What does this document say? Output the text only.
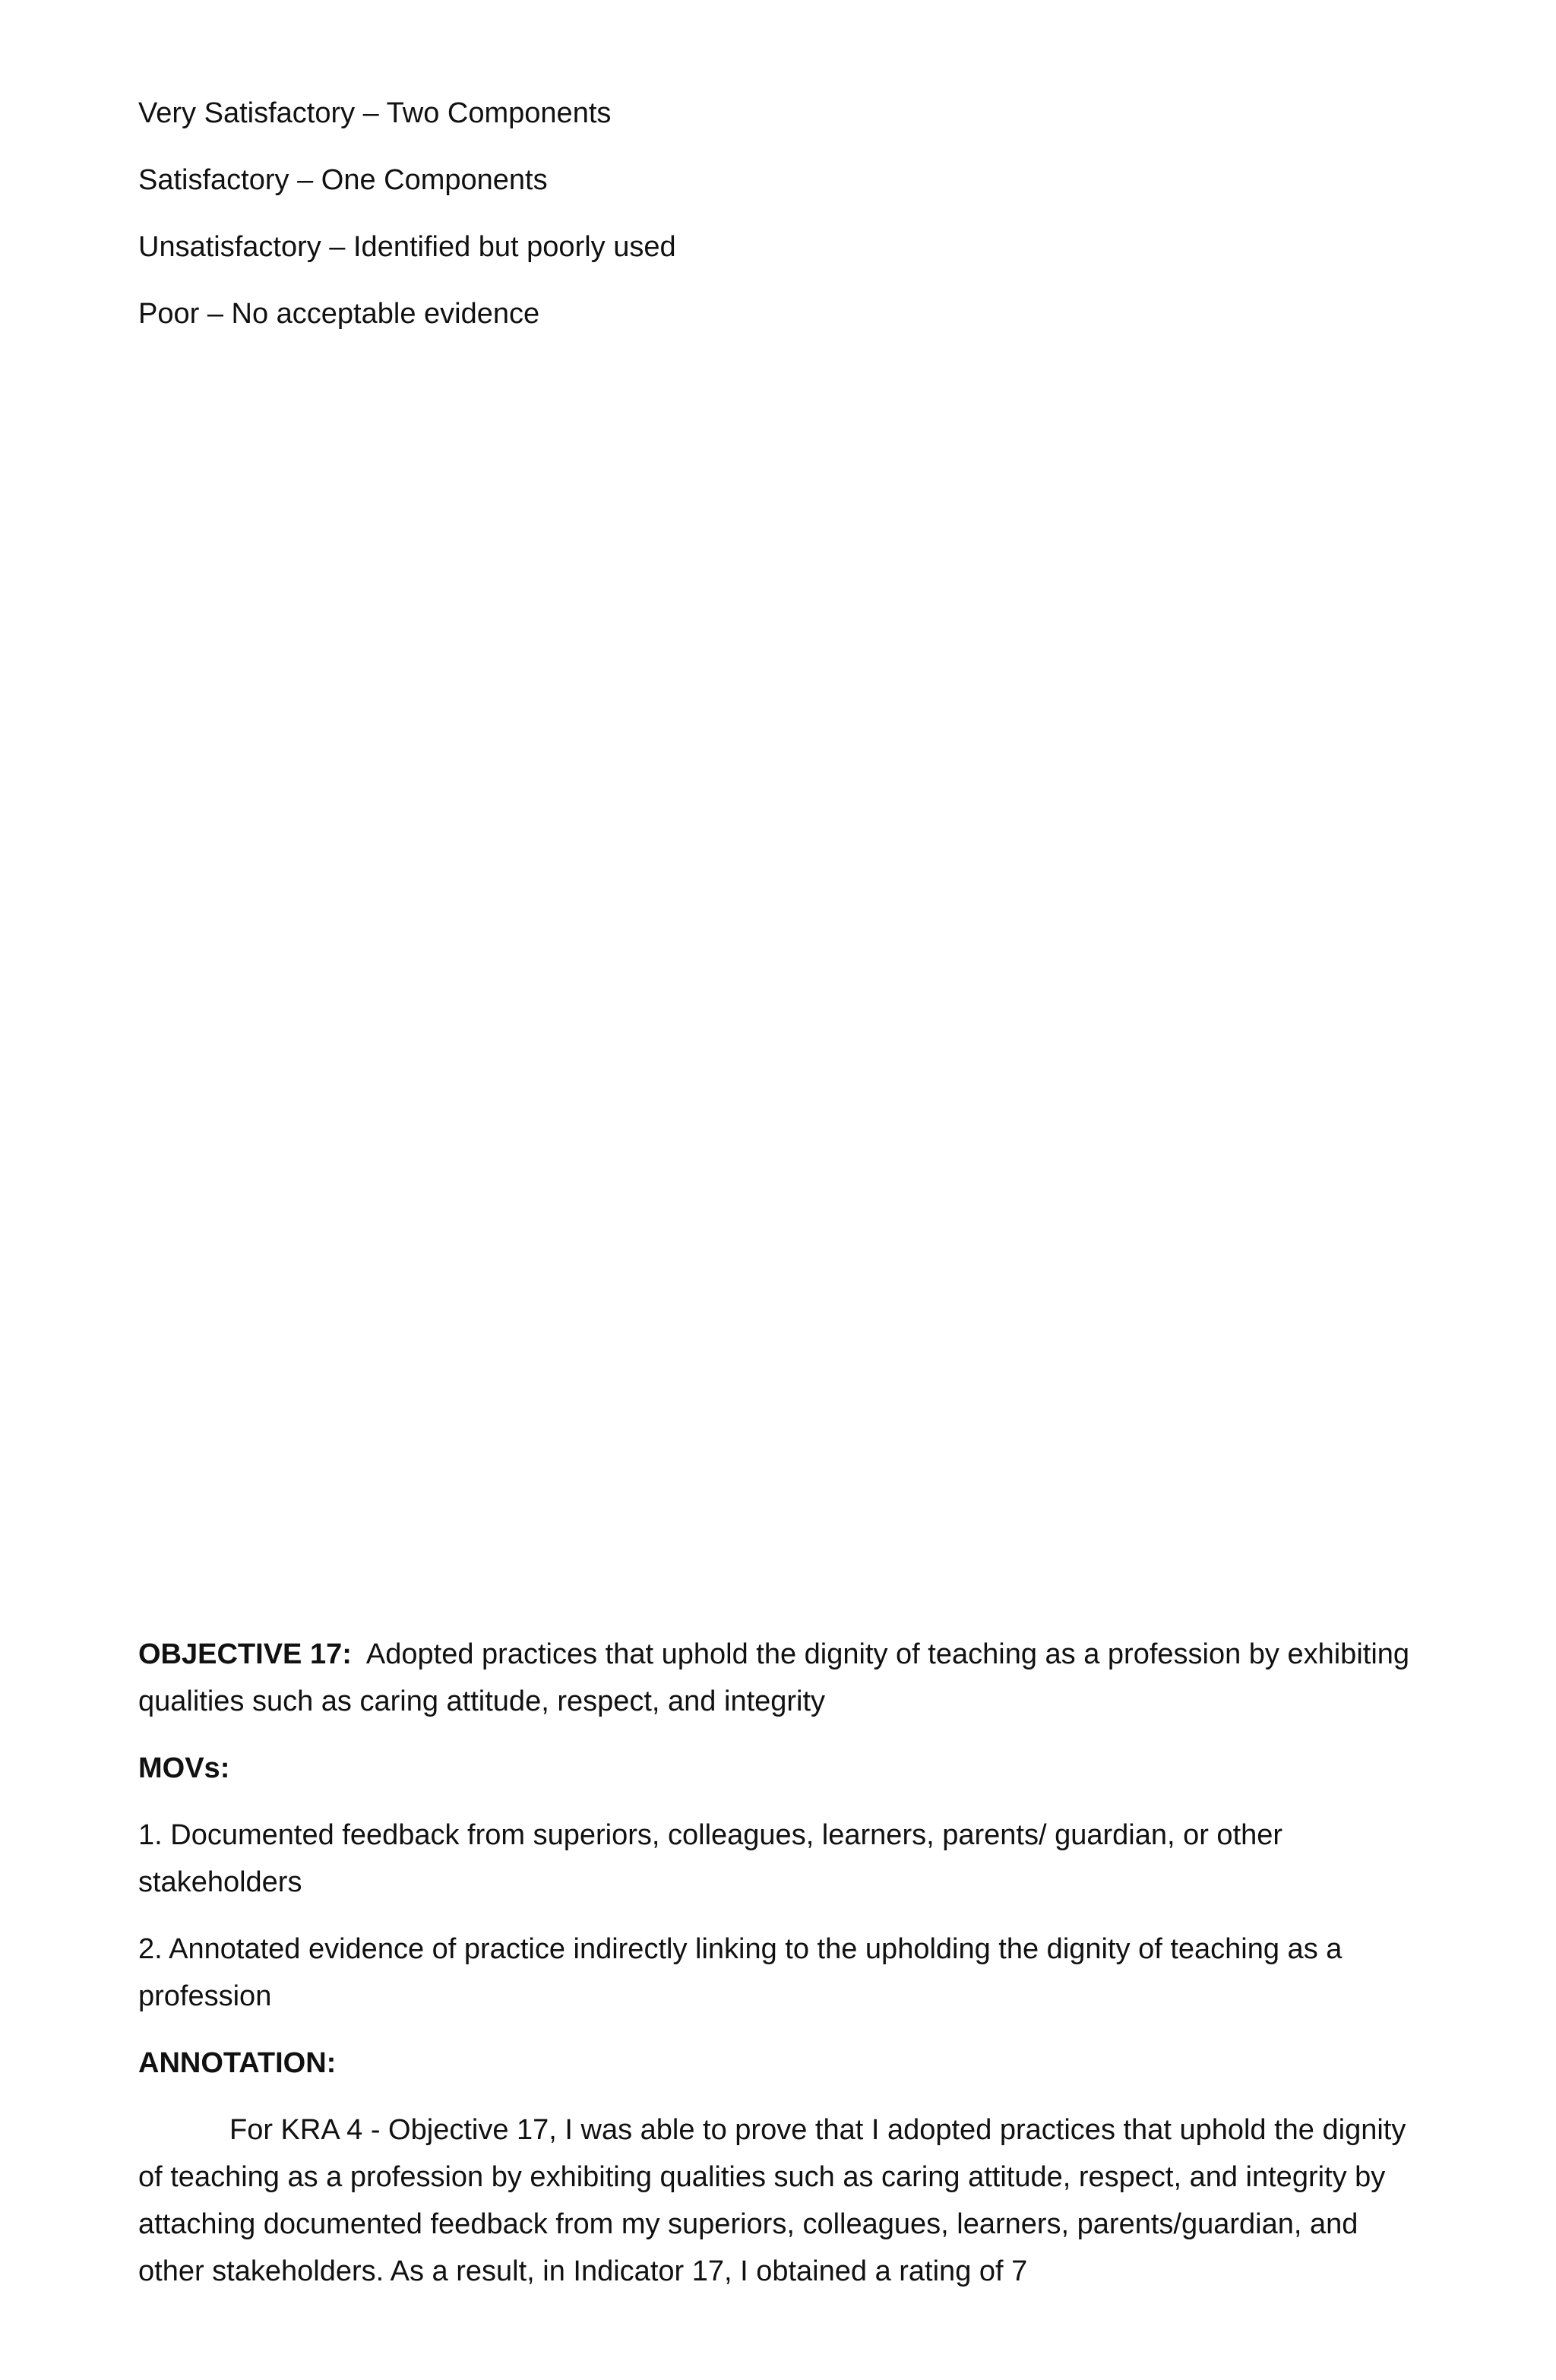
Very Satisfactory – Two Components

Satisfactory – One Components

Unsatisfactory – Identified but poorly used

Poor – No acceptable evidence

OBJECTIVE 17: Adopted practices that uphold the dignity of teaching as a profession by exhibiting qualities such as caring attitude, respect, and integrity

MOVs:

1. Documented feedback from superiors, colleagues, learners, parents/ guardian, or other stakeholders

2. Annotated evidence of practice indirectly linking to the upholding the dignity of teaching as a profession

ANNOTATION:

For KRA 4 - Objective 17, I was able to prove that I adopted practices that uphold the dignity of teaching as a profession by exhibiting qualities such as caring attitude, respect, and integrity by attaching documented feedback from my superiors, colleagues, learners, parents/guardian, and other stakeholders. As a result, in Indicator 17, I obtained a rating of 7
